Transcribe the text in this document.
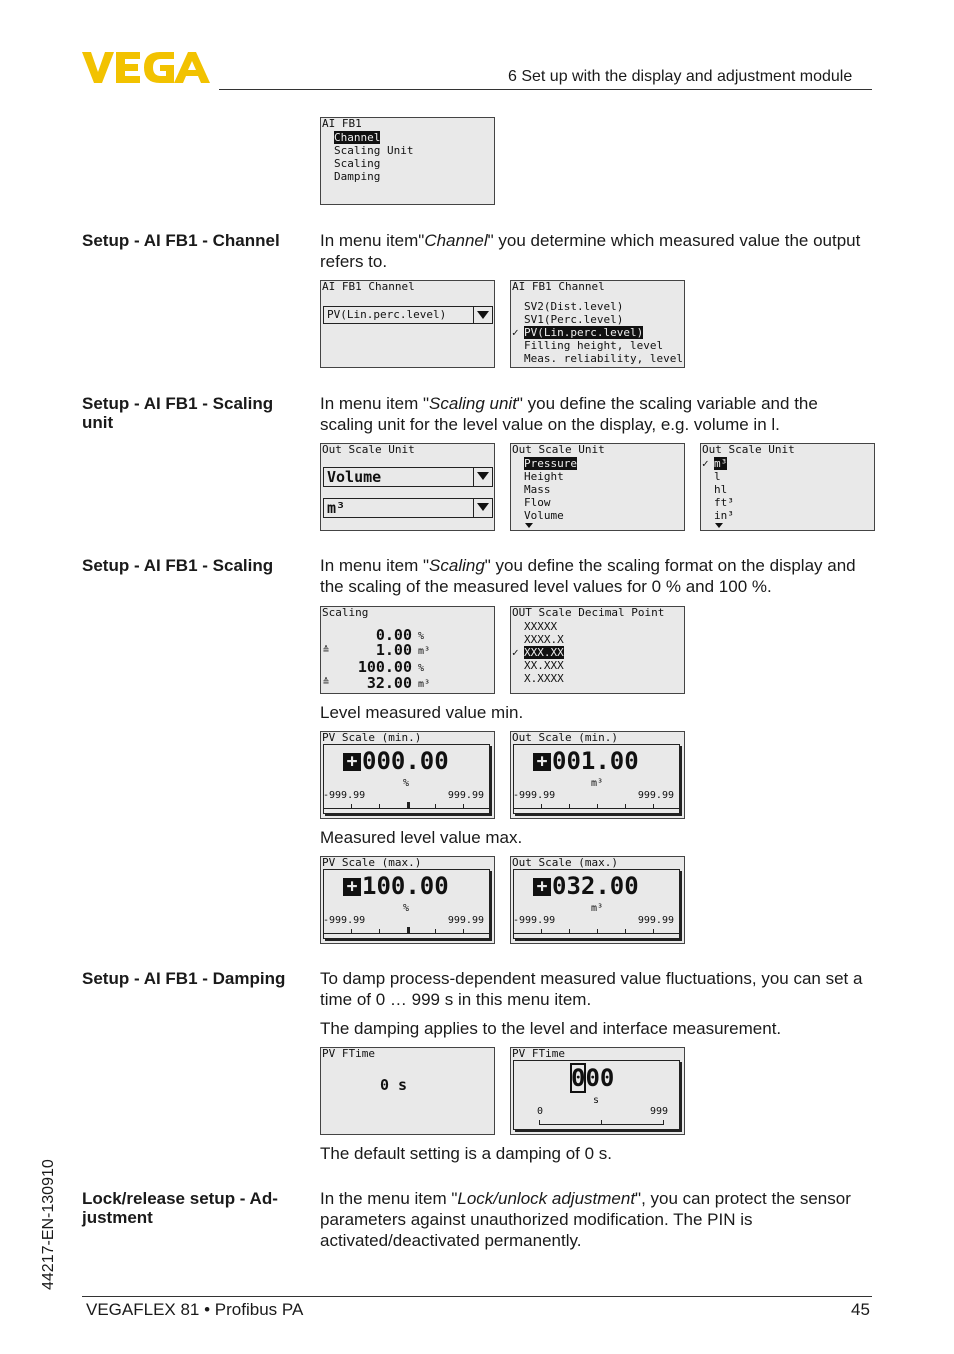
6 Set up with the display and adjustment module
AI FB1
Channel
Scaling Unit
Scaling
Damping
Setup - AI FB1 - Channel	In menu item"Channel" you determine which measured value the output refers to.
AI FB1 Channel
PV(Lin.perc.level)
AI FB1 Channel
SV2(Dist.level)
SV1(Perc.level)
✓ PV(Lin.perc.level)
Filling height, level
Meas. reliability, level
Setup - AI FB1 - Scaling unit
In menu item "Scaling unit" you define the scaling variable and the scaling unit for the level value on the display, e.g. volume in l.
Out Scale Unit
Volume
m³
Out Scale Unit
Pressure
Height
Mass
Flow
Volume
Out Scale Unit
✓ m³
l
hl
ft³
in³
Setup - AI FB1 - Scaling	In menu item "Scaling" you define the scaling format on the display and the scaling of the measured level values for 0 % and 100 %.
Scaling
0.00 %
≙	1.00 m³
100.00 %
≙	32.00 m³
OUT Scale Decimal Point
XXXXX
XXXX.X
✓ XXX.XX
XX.XXX
X.XXXX
Level measured value min.
PV Scale (min.)
+ 000.00
%
-999.99	999.99
Out Scale (min.)
+ 001.00
m³
-999.99	999.99
Measured level value max.
PV Scale (max.)
+ 100.00
%
-999.99	999.99
Out Scale (max.)
+ 032.00
m³
-999.99	999.99
Setup - AI FB1 - Damping	To damp process-dependent measured value fluctuations, you can set a time of 0 … 999 s in this menu item.
The damping applies to the level and interface measurement.
PV FTime
0 s
PV FTime
000
s
0	999
The default setting is a damping of 0 s.
Lock/release setup - Ad-justment
In the menu item "Lock/unlock adjustment", you can protect the sensor parameters against unauthorized modification. The PIN is activated/deactivated permanently.
44217-EN-130910
VEGAFLEX 81 • Profibus PA	45
